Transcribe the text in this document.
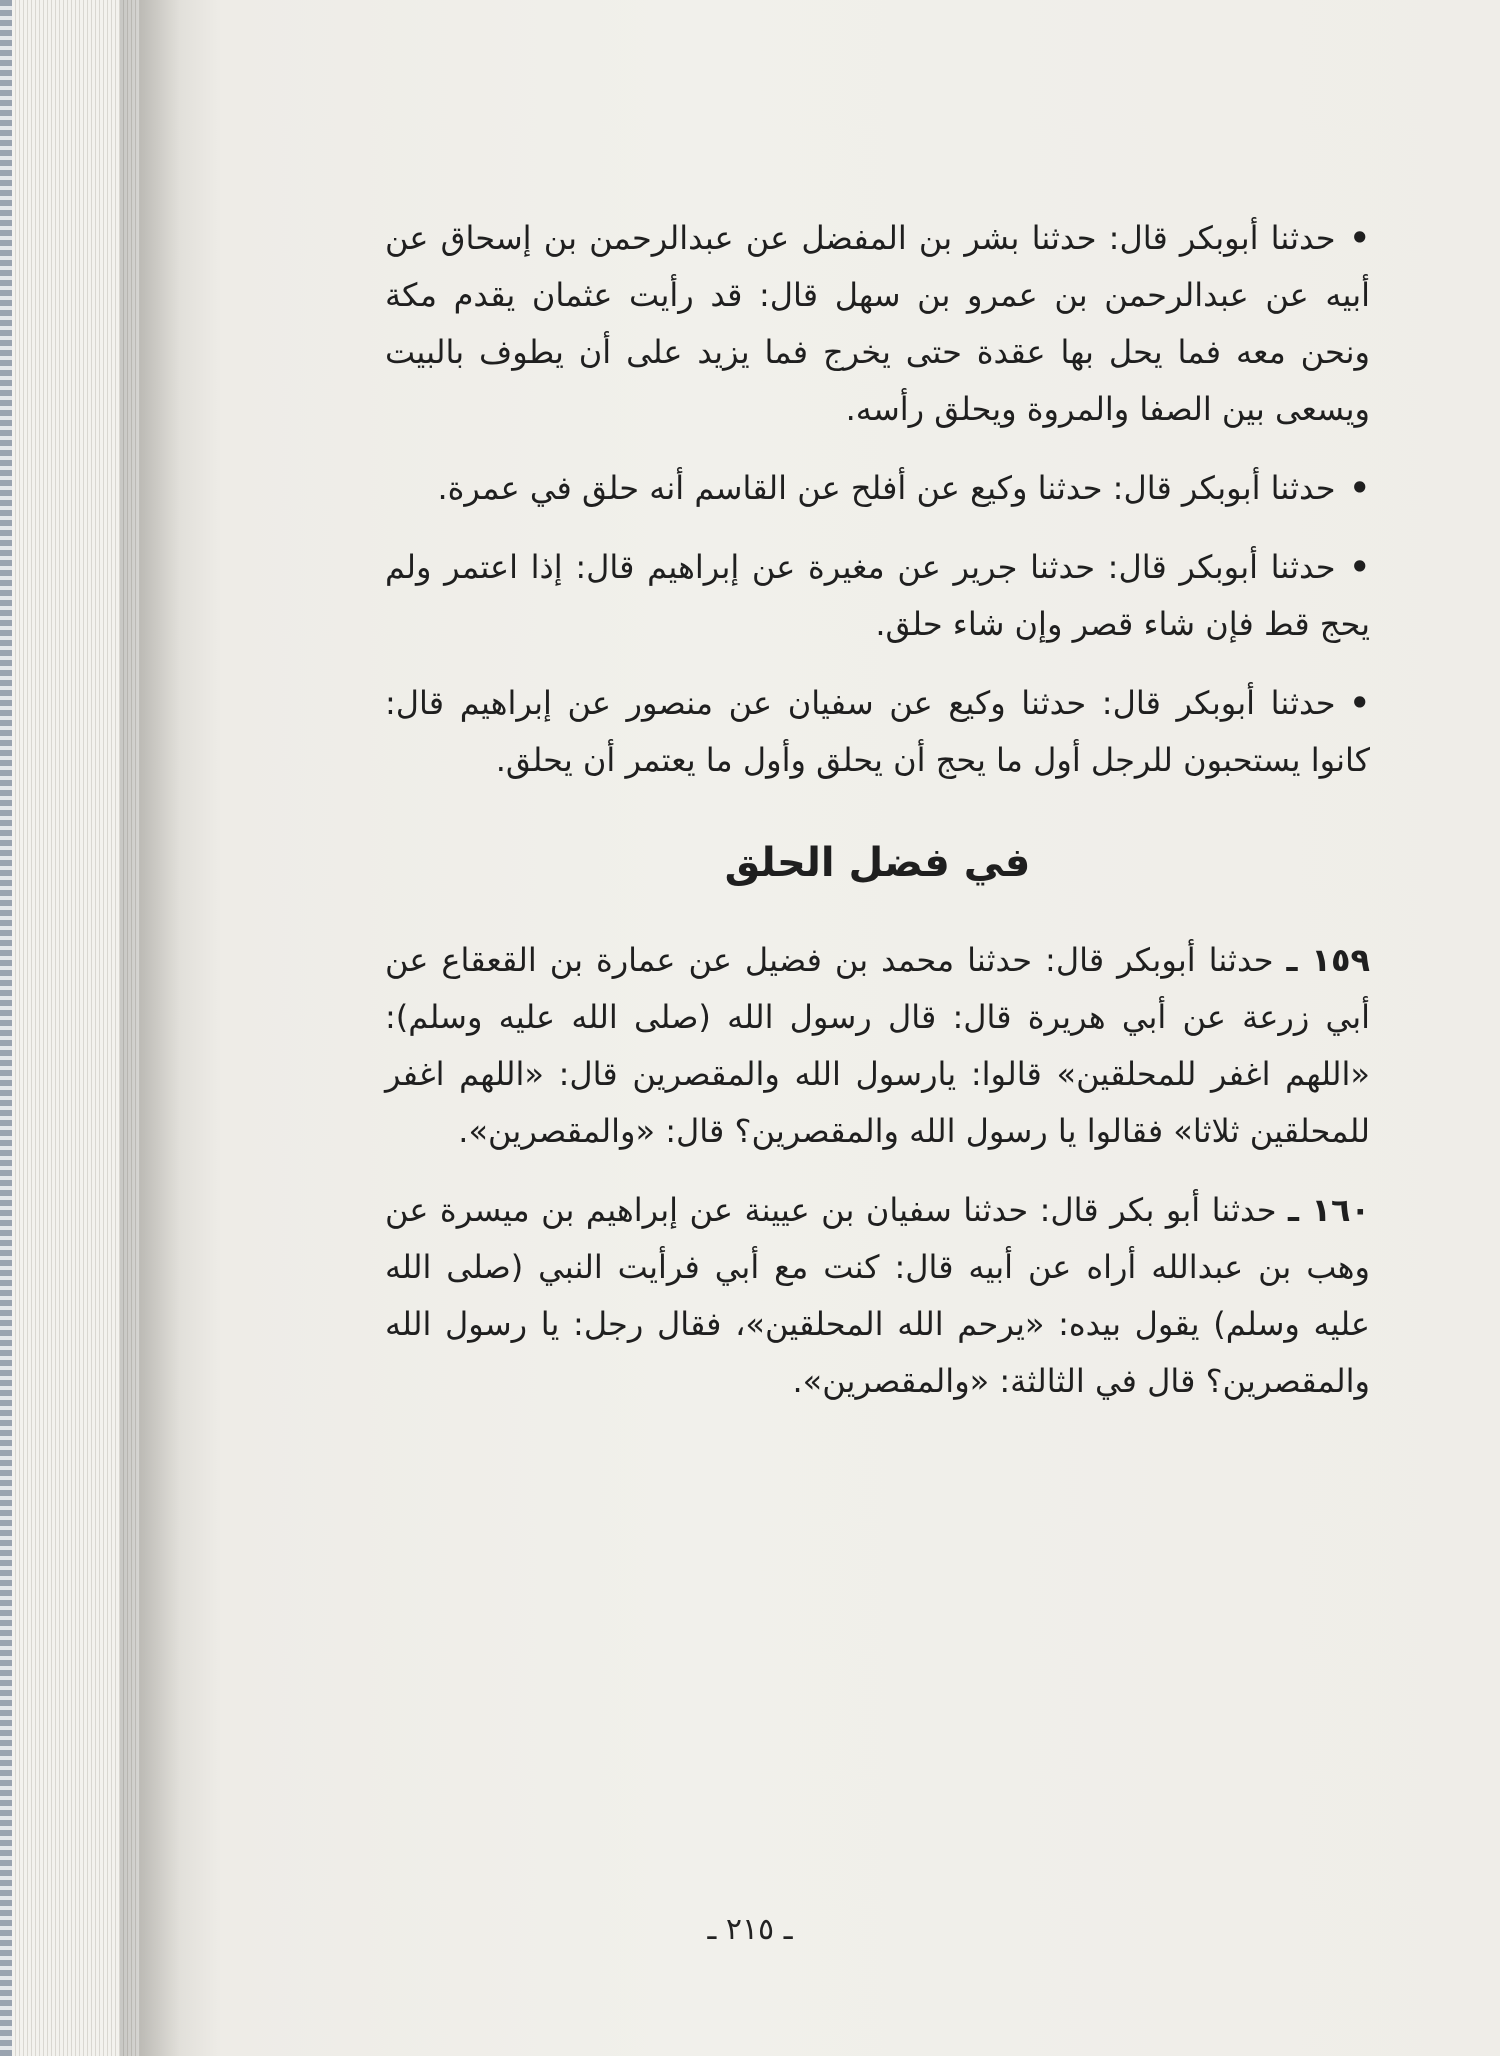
•حدثنا أبوبكر قال: حدثنا بشر بن المفضل عن عبدالرحمن بن إسحاق عن أبيه عن عبدالرحمن بن عمرو بن سهل قال: قد رأيت عثمان يقدم مكة ونحن معه فما يحل بها عقدة حتى يخرج فما يزيد على أن يطوف بالبيت ويسعى بين الصفا والمروة ويحلق رأسه.

•حدثنا أبوبكر قال: حدثنا وكيع عن أفلح عن القاسم أنه حلق في عمرة.

•حدثنا أبوبكر قال: حدثنا جرير عن مغيرة عن إبراهيم قال: إذا اعتمر ولم يحج قط فإن شاء قصر وإن شاء حلق.

•حدثنا أبوبكر قال: حدثنا وكيع عن سفيان عن منصور عن إبراهيم قال: كانوا يستحبون للرجل أول ما يحج أن يحلق وأول ما يعتمر أن يحلق.

في فضل الحلق

١٥٩ ـ حدثنا أبوبكر قال: حدثنا محمد بن فضيل عن عمارة بن القعقاع عن أبي زرعة عن أبي هريرة قال: قال رسول الله (صلى الله عليه وسلم): «اللهم اغفر للمحلقين» قالوا: يارسول الله والمقصرين قال: «اللهم اغفر للمحلقين ثلاثا» فقالوا يا رسول الله والمقصرين؟ قال: «والمقصرين».

١٦٠ ـ حدثنا أبو بكر قال: حدثنا سفيان بن عيينة عن إبراهيم بن ميسرة عن وهب بن عبدالله أراه عن أبيه قال: كنت مع أبي فرأيت النبي (صلى الله عليه وسلم) يقول بيده: «يرحم الله المحلقين»، فقال رجل: يا رسول الله والمقصرين؟ قال في الثالثة: «والمقصرين».

ـ ٢١٥ ـ
